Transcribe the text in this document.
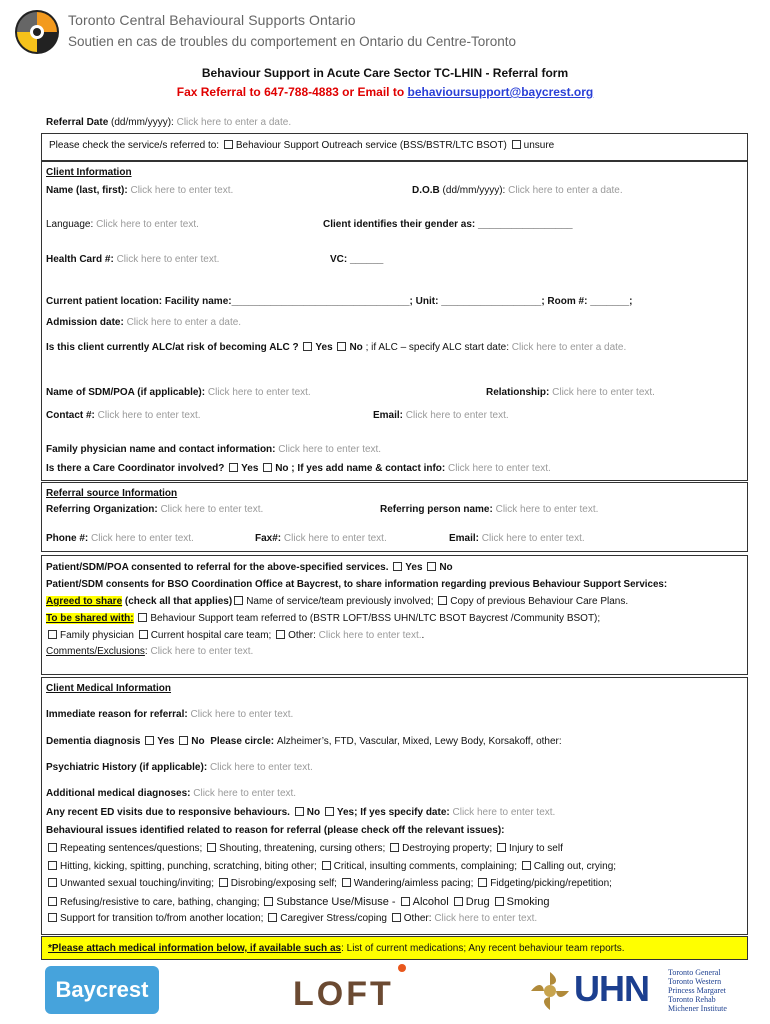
Toronto Central Behavioural Supports Ontario
Soutien en cas de troubles du comportement en Ontario du Centre-Toronto
Behaviour Support in Acute Care Sector TC-LHIN - Referral form
Fax Referral to 647-788-4883 or Email to behavioursupport@baycrest.org
Referral Date (dd/mm/yyyy): Click here to enter a date.
Please check the service/s referred to: Behaviour Support Outreach service (BSS/BSTR/LTC BSOT) unsure
Client Information
Name (last, first): Click here to enter text.	D.O.B (dd/mm/yyyy): Click here to enter a date.
Language: Click here to enter text.	Client identifies their gender as: _________________
Health Card #: Click here to enter text.	VC: ______
Current patient location: Facility name:________________________________; Unit: __________________; Room #: _______;
Admission date: Click here to enter a date.
Is this client currently ALC/at risk of becoming ALC ? Yes No ; if ALC – specify ALC start date: Click here to enter a date.
Name of SDM/POA (if applicable): Click here to enter text.	Relationship: Click here to enter text.
Contact #: Click here to enter text.	Email: Click here to enter text.
Family physician name and contact information: Click here to enter text.
Is there a Care Coordinator involved? Yes No ; If yes add name & contact info: Click here to enter text.
Referral source Information
Referring Organization: Click here to enter text.	Referring person name: Click here to enter text.
Phone #: Click here to enter text.	Fax#: Click here to enter text.	Email: Click here to enter text.
Patient/SDM/POA consented to referral for the above-specified services. Yes No
Patient/SDM consents for BSO Coordination Office at Baycrest, to share information regarding previous Behaviour Support Services:
Agreed to share (check all that applies) Name of service/team previously involved; Copy of previous Behaviour Care Plans.
To be shared with: Behaviour Support team referred to (BSTR LOFT/BSS UHN/LTC BSOT Baycrest /Community BSOT);
Family physician Current hospital care team; Other: Click here to enter text..
Comments/Exclusions: Click here to enter text.
Client Medical Information
Immediate reason for referral: Click here to enter text.
Dementia diagnosis Yes No Please circle: Alzheimer’s, FTD, Vascular, Mixed, Lewy Body, Korsakoff, other:
Psychiatric History (if applicable): Click here to enter text.
Additional medical diagnoses: Click here to enter text.
Any recent ED visits due to responsive behaviours. No Yes; If yes specify date: Click here to enter text.
Behavioural issues identified related to reason for referral (please check off the relevant issues):
Repeating sentences/questions; Shouting, threatening, cursing others; Destroying property; Injury to self
Hitting, kicking, spitting, punching, scratching, biting other; Critical, insulting comments, complaining; Calling out, crying;
Unwanted sexual touching/inviting; Disrobing/exposing self; Wandering/aimless pacing; Fidgeting/picking/repetition;
Refusing/resistive to care, bathing, changing; Substance Use/Misuse - Alcohol Drug Smoking
Support for transition to/from another location; Caregiver Stress/coping Other: Click here to enter text.
*Please attach medical information below, if available such as: List of current medications; Any recent behaviour team reports.
Baycrest	LOFT	UHN Toronto General
Toronto Western
Princess Margaret
Toronto Rehab
Michener Institute
